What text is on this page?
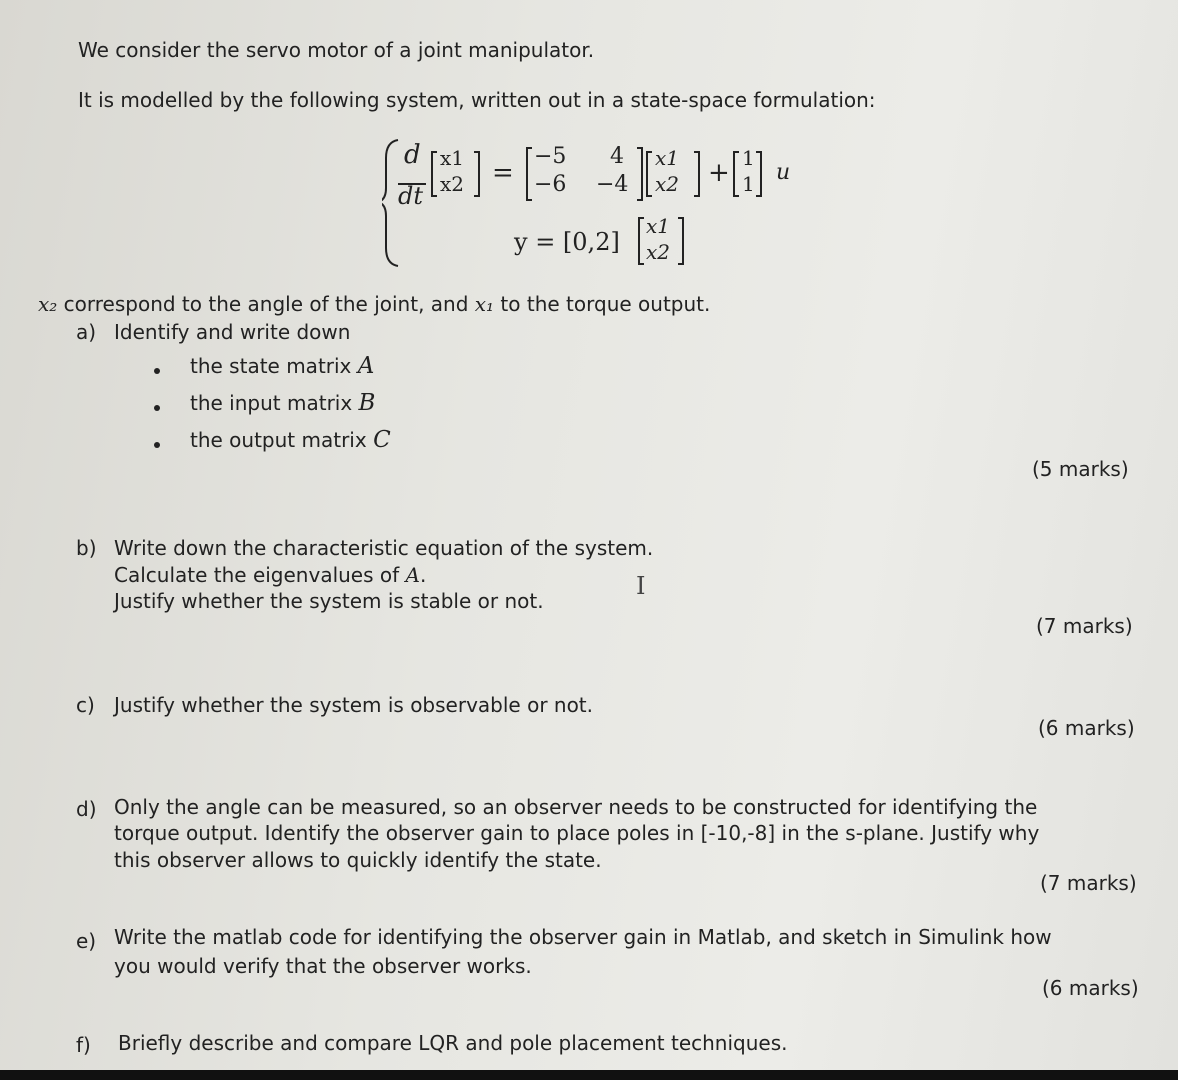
We consider the servo motor of a joint manipulator.
It is modelled by the following system, written out in a state-space formulation:
d
dt
x1
x2 =
−5 4
−6 −4
x1
x2 + 1
1 u
y = [0,2]
x1
x2
x₂ correspond to the angle of the joint, and x₁ to the torque output.
a) Identify and write down
the state matrix A
the input matrix B
the output matrix C
(5 marks)
b) Write down the characteristic equation of the system.
Calculate the eigenvalues of A.
Justify whether the system is stable or not.
I
(7 marks)
c) Justify whether the system is observable or not.
(6 marks)
d) Only the angle can be measured, so an observer needs to be constructed for identifying the
torque output. Identify the observer gain to place poles in [-10,-8] in the s-plane. Justify why
this observer allows to quickly identify the state.
(7 marks)
e) Write the matlab code for identifying the observer gain in Matlab, and sketch in Simulink how
you would verify that the observer works.
(6 marks)
f) Briefly describe and compare LQR and pole placement techniques.
